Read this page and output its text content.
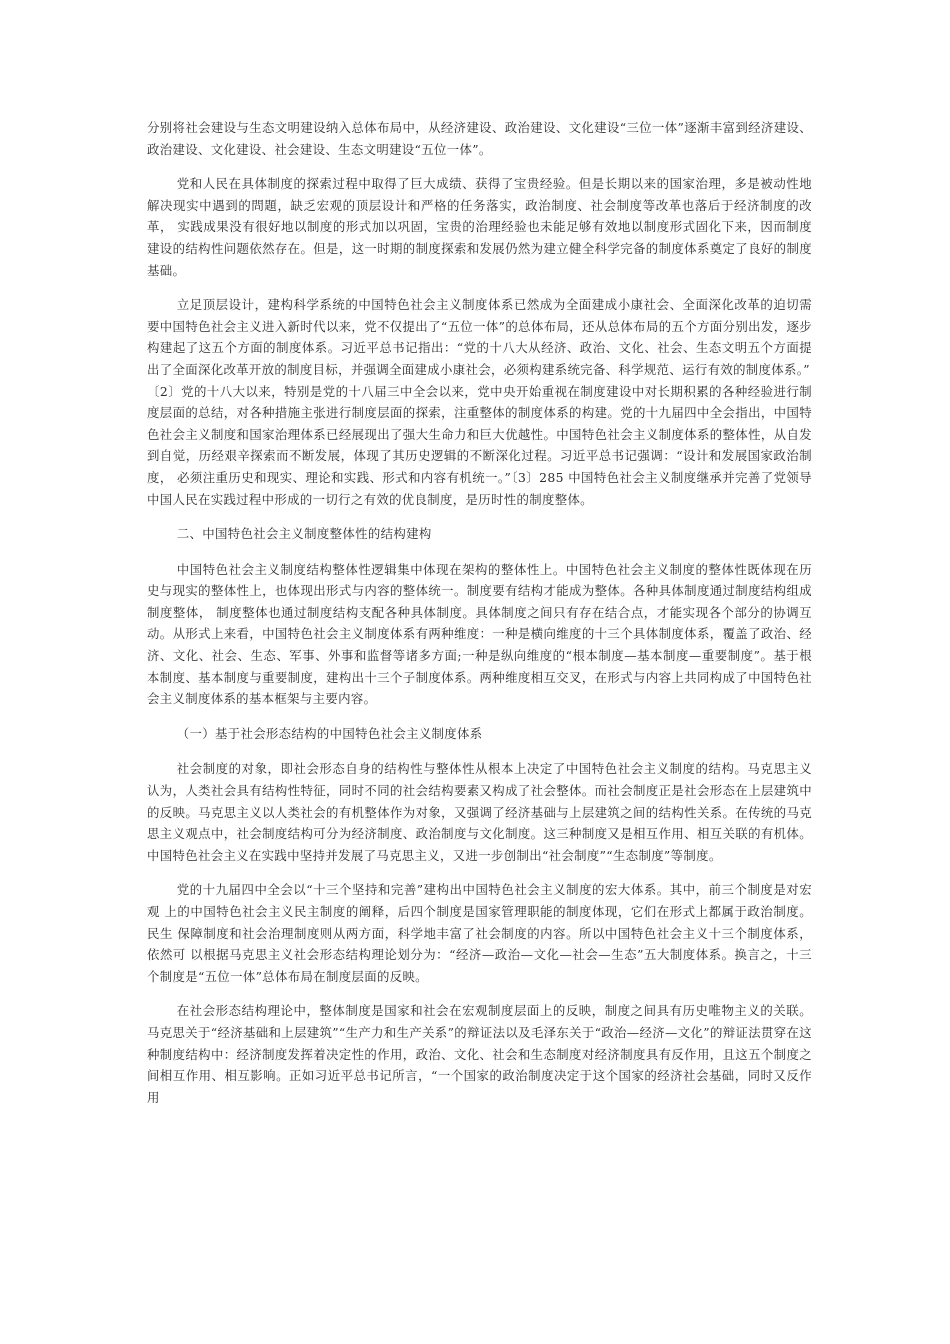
分别将社会建设与生态文明建设纳入总体布局中，从经济建设、政治建设、文化建设“三位一体”逐渐丰富到经济建设、政治建设、文化建设、社会建设、生态文明建设“五位一体”。

党和人民在具体制度的探索过程中取得了巨大成绩、获得了宝贵经验。但是长期以来的国家治理，多是被动性地 解决现实中遇到的問題，缺乏宏观的顶层设计和严格的任务落实，政治制度、社会制度等改革也落后于经济制度的改革， 实践成果没有很好地以制度的形式加以巩固，宝贵的治理经验也未能足够有效地以制度形式固化下来，因而制度建设的结构性问题依然存在。但是，这一时期的制度探索和发展仍然为建立健全科学完备的制度体系奠定了良好的制度基础。

立足顶层设计，建构科学系统的中国特色社会主义制度体系已然成为全面建成小康社会、全面深化改革的迫切需要中国特色社会主义进入新时代以来，党不仅提出了“五位一体”的总体布局，还从总体布局的五个方面分别出发，逐步构建起了这五个方面的制度体系。习近平总书记指出：“党的十八大从经济、政治、文化、社会、生态文明五个方面提 出了全面深化改革开放的制度目标，并强调全面建成小康社会，必须构建系统完备、科学规范、运行有效的制度体系。”

〔2〕党的十八大以来，特别是党的十八届三中全会以来，党中央开始重视在制度建设中对长期积累的各种经验进行制 度层面的总结，对各种措施主张进行制度层面的探索，注重整体的制度体系的构建。党的十九届四中全会指出，中国特色社会主义制度和国家治理体系已经展现出了强大生命力和巨大优越性。中国特色社会主义制度体系的整体性，从自发到自觉，历经艰辛探索而不断发展，体现了其历史逻辑的不断深化过程。习近平总书记强调：“设计和发展国家政治制度， 必须注重历史和现实、理论和实践、形式和内容有机统一。”〔3〕285 中国特色社会主义制度继承并完善了党领导中国人民在实践过程中形成的一切行之有效的优良制度，是历时性的制度整体。

二、中国特色社会主义制度整体性的结构建构

中国特色社会主义制度结构整体性逻辑集中体现在架构的整体性上。中国特色社会主义制度的整体性既体现在历史与现实的整体性上，也体现出形式与内容的整体统一。制度要有结构才能成为整体。各种具体制度通过制度结构组成制度整体， 制度整体也通过制度结构支配各种具体制度。具体制度之间只有存在结合点，才能实现各个部分的协调互动。从形式上来看，中国特色社会主义制度体系有两种维度：一种是横向维度的十三个具体制度体系，覆盖了政治、经济、文化、社会、生态、军事、外事和监督等诸多方面;一种是纵向维度的“根本制度—基本制度—重要制度”。基于根本制度、基本制度与重要制度，建构出十三个子制度体系。两种维度相互交叉，在形式与内容上共同构成了中国特色社会主义制度体系的基本框架与主要内容。

（一）基于社会形态结构的中国特色社会主义制度体系

社会制度的对象，即社会形态自身的结构性与整体性从根本上决定了中国特色社会主义制度的结构。马克思主义认为，人类社会具有结构性特征，同时不同的社会结构要素又构成了社会整体。而社会制度正是社会形态在上层建筑中的反映。马克思主义以人类社会的有机整体作为对象，又强调了经济基础与上层建筑之间的结构性关系。在传统的马克 思主义观点中，社会制度结构可分为经济制度、政治制度与文化制度。这三种制度又是相互作用、相互关联的有机体。中国特色社会主义在实践中坚持并发展了马克思主义，又进一步创制出“社会制度”“生态制度”等制度。

党的十九届四中全会以“十三个坚持和完善”建构出中国特色社会主义制度的宏大体系。其中，前三个制度是对宏观 上的中国特色社会主义民主制度的阐释，后四个制度是国家管理职能的制度体现，它们在形式上都属于政治制度。民生 保障制度和社会治理制度则从两方面，科学地丰富了社会制度的内容。所以中国特色社会主义十三个制度体系，依然可 以根据马克思主义社会形态结构理论划分为：“经济—政治—文化—社会—生态”五大制度体系。换言之，十三个制度是“五位一体”总体布局在制度层面的反映。

在社会形态结构理论中，整体制度是国家和社会在宏观制度层面上的反映，制度之间具有历史唯物主义的关联。马克思关于“经济基础和上层建筑”“生产力和生产关系”的辩证法以及毛泽东关于“政治—经济—文化”的辩证法贯穿在这 种制度结构中：经济制度发挥着决定性的作用，政治、文化、社会和生态制度对经济制度具有反作用，且这五个制度之间相互作用、相互影响。正如习近平总书记所言，“一个国家的政治制度决定于这个国家的经济社会基础，同时又反作用
